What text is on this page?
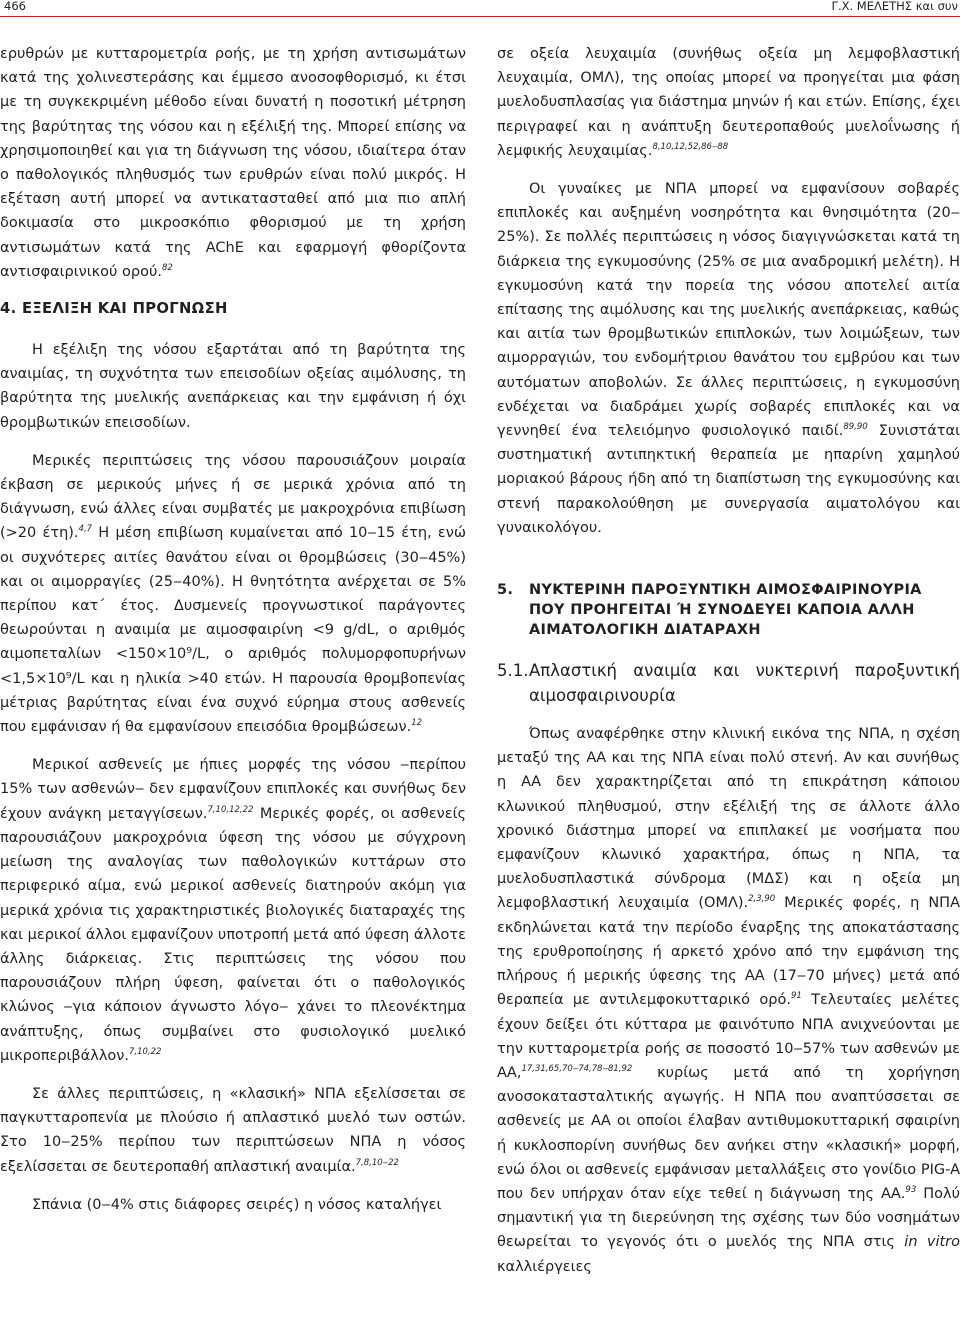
466	Γ.Χ. ΜΕΛΕΤΗΣ και συν

ερυθρών με κυτταρομετρία ροής, με τη χρήση αντισωμάτων κατά της χολινεστεράσης και έμμεσο ανοσοφθορισμό, κι έτσι με τη συγκεκριμένη μέθοδο είναι δυνατή η ποσοτική μέτρηση της βαρύτητας της νόσου και η εξέλιξή της. Μπορεί επίσης να χρησιμοποιηθεί και για τη διάγνωση της νόσου, ιδιαίτερα όταν ο παθολογικός πληθυσμός των ερυθρών είναι πολύ μικρός. Η εξέταση αυτή μπορεί να αντικατασταθεί από μια πιο απλή δοκιμασία στο μικροσκόπιο φθορισμού με τη χρήση αντισωμάτων κατά της AChE και εφαρμογή φθορίζοντα αντισφαιρινικού ορού.$^{82}$

4. ΕΞΕΛΙΞΗ ΚΑΙ ΠΡΟΓΝΩΣΗ

Η εξέλιξη της νόσου εξαρτάται από τη βαρύτητα της αναιμίας, τη συχνότητα των επεισοδίων οξείας αιμόλυσης, τη βαρύτητα της μυελικής ανεπάρκειας και την εμφάνιση ή όχι θρομβωτικών επεισοδίων.

Μερικές περιπτώσεις της νόσου παρουσιάζουν μοιραία έκβαση σε μερικούς μήνες ή σε μερικά χρόνια από τη διάγνωση, ενώ άλλες είναι συμβατές με μακροχρόνια επιβίωση (>20 έτη).$^{4,7}$ Η μέση επιβίωση κυμαίνεται από 10‒15 έτη, ενώ οι συχνότερες αιτίες θανάτου είναι οι θρομβώσεις (30‒45%) και οι αιμορραγίες (25‒40%). Η θνητότητα ανέρχεται σε 5% περίπου κατ΄ έτος. Δυσμενείς προγνωστικοί παράγοντες θεωρούνται η αναιμία με αιμοσφαιρίνη <9 g/dL, ο αριθμός αιμοπεταλίων <150×10⁹/L, ο αριθμός πολυμορφοπυρήνων <1,5×10⁹/L και η ηλικία >40 ετών. Η παρουσία θρομβοπενίας μέτριας βαρύτητας είναι ένα συχνό εύρημα στους ασθενείς που εμφάνισαν ή θα εμφανίσουν επεισόδια θρομβώσεων.$^{12}$

Μερικοί ασθενείς με ήπιες μορφές της νόσου ‒περίπου 15% των ασθενών‒ δεν εμφανίζουν επιπλοκές και συνήθως δεν έχουν ανάγκη μεταγγίσεων.$^{7,10,12,22}$ Μερικές φορές, οι ασθενείς παρουσιάζουν μακροχρόνια ύφεση της νόσου με σύγχρονη μείωση της αναλογίας των παθολογικών κυττάρων στο περιφερικό αίμα, ενώ μερικοί ασθενείς διατηρούν ακόμη για μερικά χρόνια τις χαρακτηριστικές βιολογικές διαταραχές της και μερικοί άλλοι εμφανίζουν υποτροπή μετά από ύφεση άλλοτε άλλης διάρκειας. Στις περιπτώσεις της νόσου που παρουσιάζουν πλήρη ύφεση, φαίνεται ότι ο παθολογικός κλώνος ‒για κάποιον άγνωστο λόγο‒ χάνει το πλεονέκτημα ανάπτυξης, όπως συμβαίνει στο φυσιολογικό μυελικό μικροπεριβάλλον.$^{7,10,22}$

Σε άλλες περιπτώσεις, η «κλασική» ΝΠΑ εξελίσσεται σε παγκυτταροπενία με πλούσιο ή απλαστικό μυελό των οστών. Στο 10‒25% περίπου των περιπτώσεων ΝΠΑ η νόσος εξελίσσεται σε δευτεροπαθή απλαστική αναιμία.$^{7,8,10‒22}$

Σπάνια (0‒4% στις διάφορες σειρές) η νόσος καταλήγει

σε οξεία λευχαιμία (συνήθως οξεία μη λεμφοβλαστική λευχαιμία, ΟΜΛ), της οποίας μπορεί να προηγείται μια φάση μυελοδυσπλασίας για διάστημα μηνών ή και ετών. Επίσης, έχει περιγραφεί και η ανάπτυξη δευτεροπαθούς μυελοΐνωσης ή λεμφικής λευχαιμίας.$^{8,10,12,52,86‒88}$

Οι γυναίκες με ΝΠΑ μπορεί να εμφανίσουν σοβαρές επιπλοκές και αυξημένη νοσηρότητα και θνησιμότητα (20‒25%). Σε πολλές περιπτώσεις η νόσος διαγιγνώσκεται κατά τη διάρκεια της εγκυμοσύνης (25% σε μια αναδρομική μελέτη). Η εγκυμοσύνη κατά την πορεία της νόσου αποτελεί αιτία επίτασης της αιμόλυσης και της μυελικής ανεπάρκειας, καθώς και αιτία των θρομβωτικών επιπλοκών, των λοιμώξεων, των αιμορραγιών, του ενδομήτριου θανάτου του εμβρύου και των αυτόματων αποβολών. Σε άλλες περιπτώσεις, η εγκυμοσύνη ενδέχεται να διαδράμει χωρίς σοβαρές επιπλοκές και να γεννηθεί ένα τελειόμηνο φυσιολογικό παιδί.$^{89,90}$ Συνιστάται συστηματική αντιπηκτική θεραπεία με ηπαρίνη χαμηλού μοριακού βάρους ήδη από τη διαπίστωση της εγκυμοσύνης και στενή παρακολούθηση με συνεργασία αιματολόγου και γυναικολόγου.

5.	ΝΥΚΤΕΡΙΝΗ ΠΑΡΟΞΥΝΤΙΚΗ ΑΙΜΟΣΦΑΙΡΙΝΟΥΡΙΑ ΠΟΥ ΠΡΟΗΓΕΙΤΑΙ Ή ΣΥΝΟΔΕΥΕΙ ΚΑΠΟΙΑ ΑΛΛΗ ΑΙΜΑΤΟΛΟΓΙΚΗ ΔΙΑΤΑΡΑΧΗ
5.1. Απλαστική αναιμία και νυκτερινή παροξυντική αιμοσφαιρινουρία

Όπως αναφέρθηκε στην κλινική εικόνα της ΝΠΑ, η σχέση μεταξύ της ΑΑ και της ΝΠΑ είναι πολύ στενή. Αν και συνήθως η ΑΑ δεν χαρακτηρίζεται από τη επικράτηση κάποιου κλωνικού πληθυσμού, στην εξέλιξή της σε άλλοτε άλλο χρονικό διάστημα μπορεί να επιπλακεί με νοσήματα που εμφανίζουν κλωνικό χαρακτήρα, όπως η ΝΠΑ, τα μυελοδυσπλαστικά σύνδρομα (ΜΔΣ) και η οξεία μη λεμφοβλαστική λευχαιμία (ΟΜΛ).$^{2,3,90}$ Μερικές φορές, η ΝΠΑ εκδηλώνεται κατά την περίοδο έναρξης της αποκατάστασης της ερυθροποίησης ή αρκετό χρόνο από την εμφάνιση της πλήρους ή μερικής ύφεσης της ΑΑ (17‒70 μήνες) μετά από θεραπεία με αντιλεμφοκυτταρικό ορό.$^{91}$ Τελευταίες μελέτες έχουν δείξει ότι κύτταρα με φαινότυπο ΝΠΑ ανιχνεύονται με την κυτταρομετρία ροής σε ποσοστό 10‒57% των ασθενών με ΑΑ,$^{17,31,65,70‒74,78‒81,92}$ κυρίως μετά από τη χορήγηση ανοσοκατασταλτικής αγωγής. Η ΝΠΑ που αναπτύσσεται σε ασθενείς με ΑΑ οι οποίοι έλαβαν αντιθυμοκυτταρική σφαιρίνη ή κυκλοσπορίνη συνήθως δεν ανήκει στην «κλασική» μορφή, ενώ όλοι οι ασθενείς εμφάνισαν μεταλλάξεις στο γονίδιο PIG-A που δεν υπήρχαν όταν είχε τεθεί η διάγνωση της ΑΑ.$^{93}$ Πολύ σημαντική για τη διερεύνηση της σχέσης των δύο νοσημάτων θεωρείται το γεγονός ότι ο μυελός της ΝΠΑ στις in vitro καλλιέργειες
